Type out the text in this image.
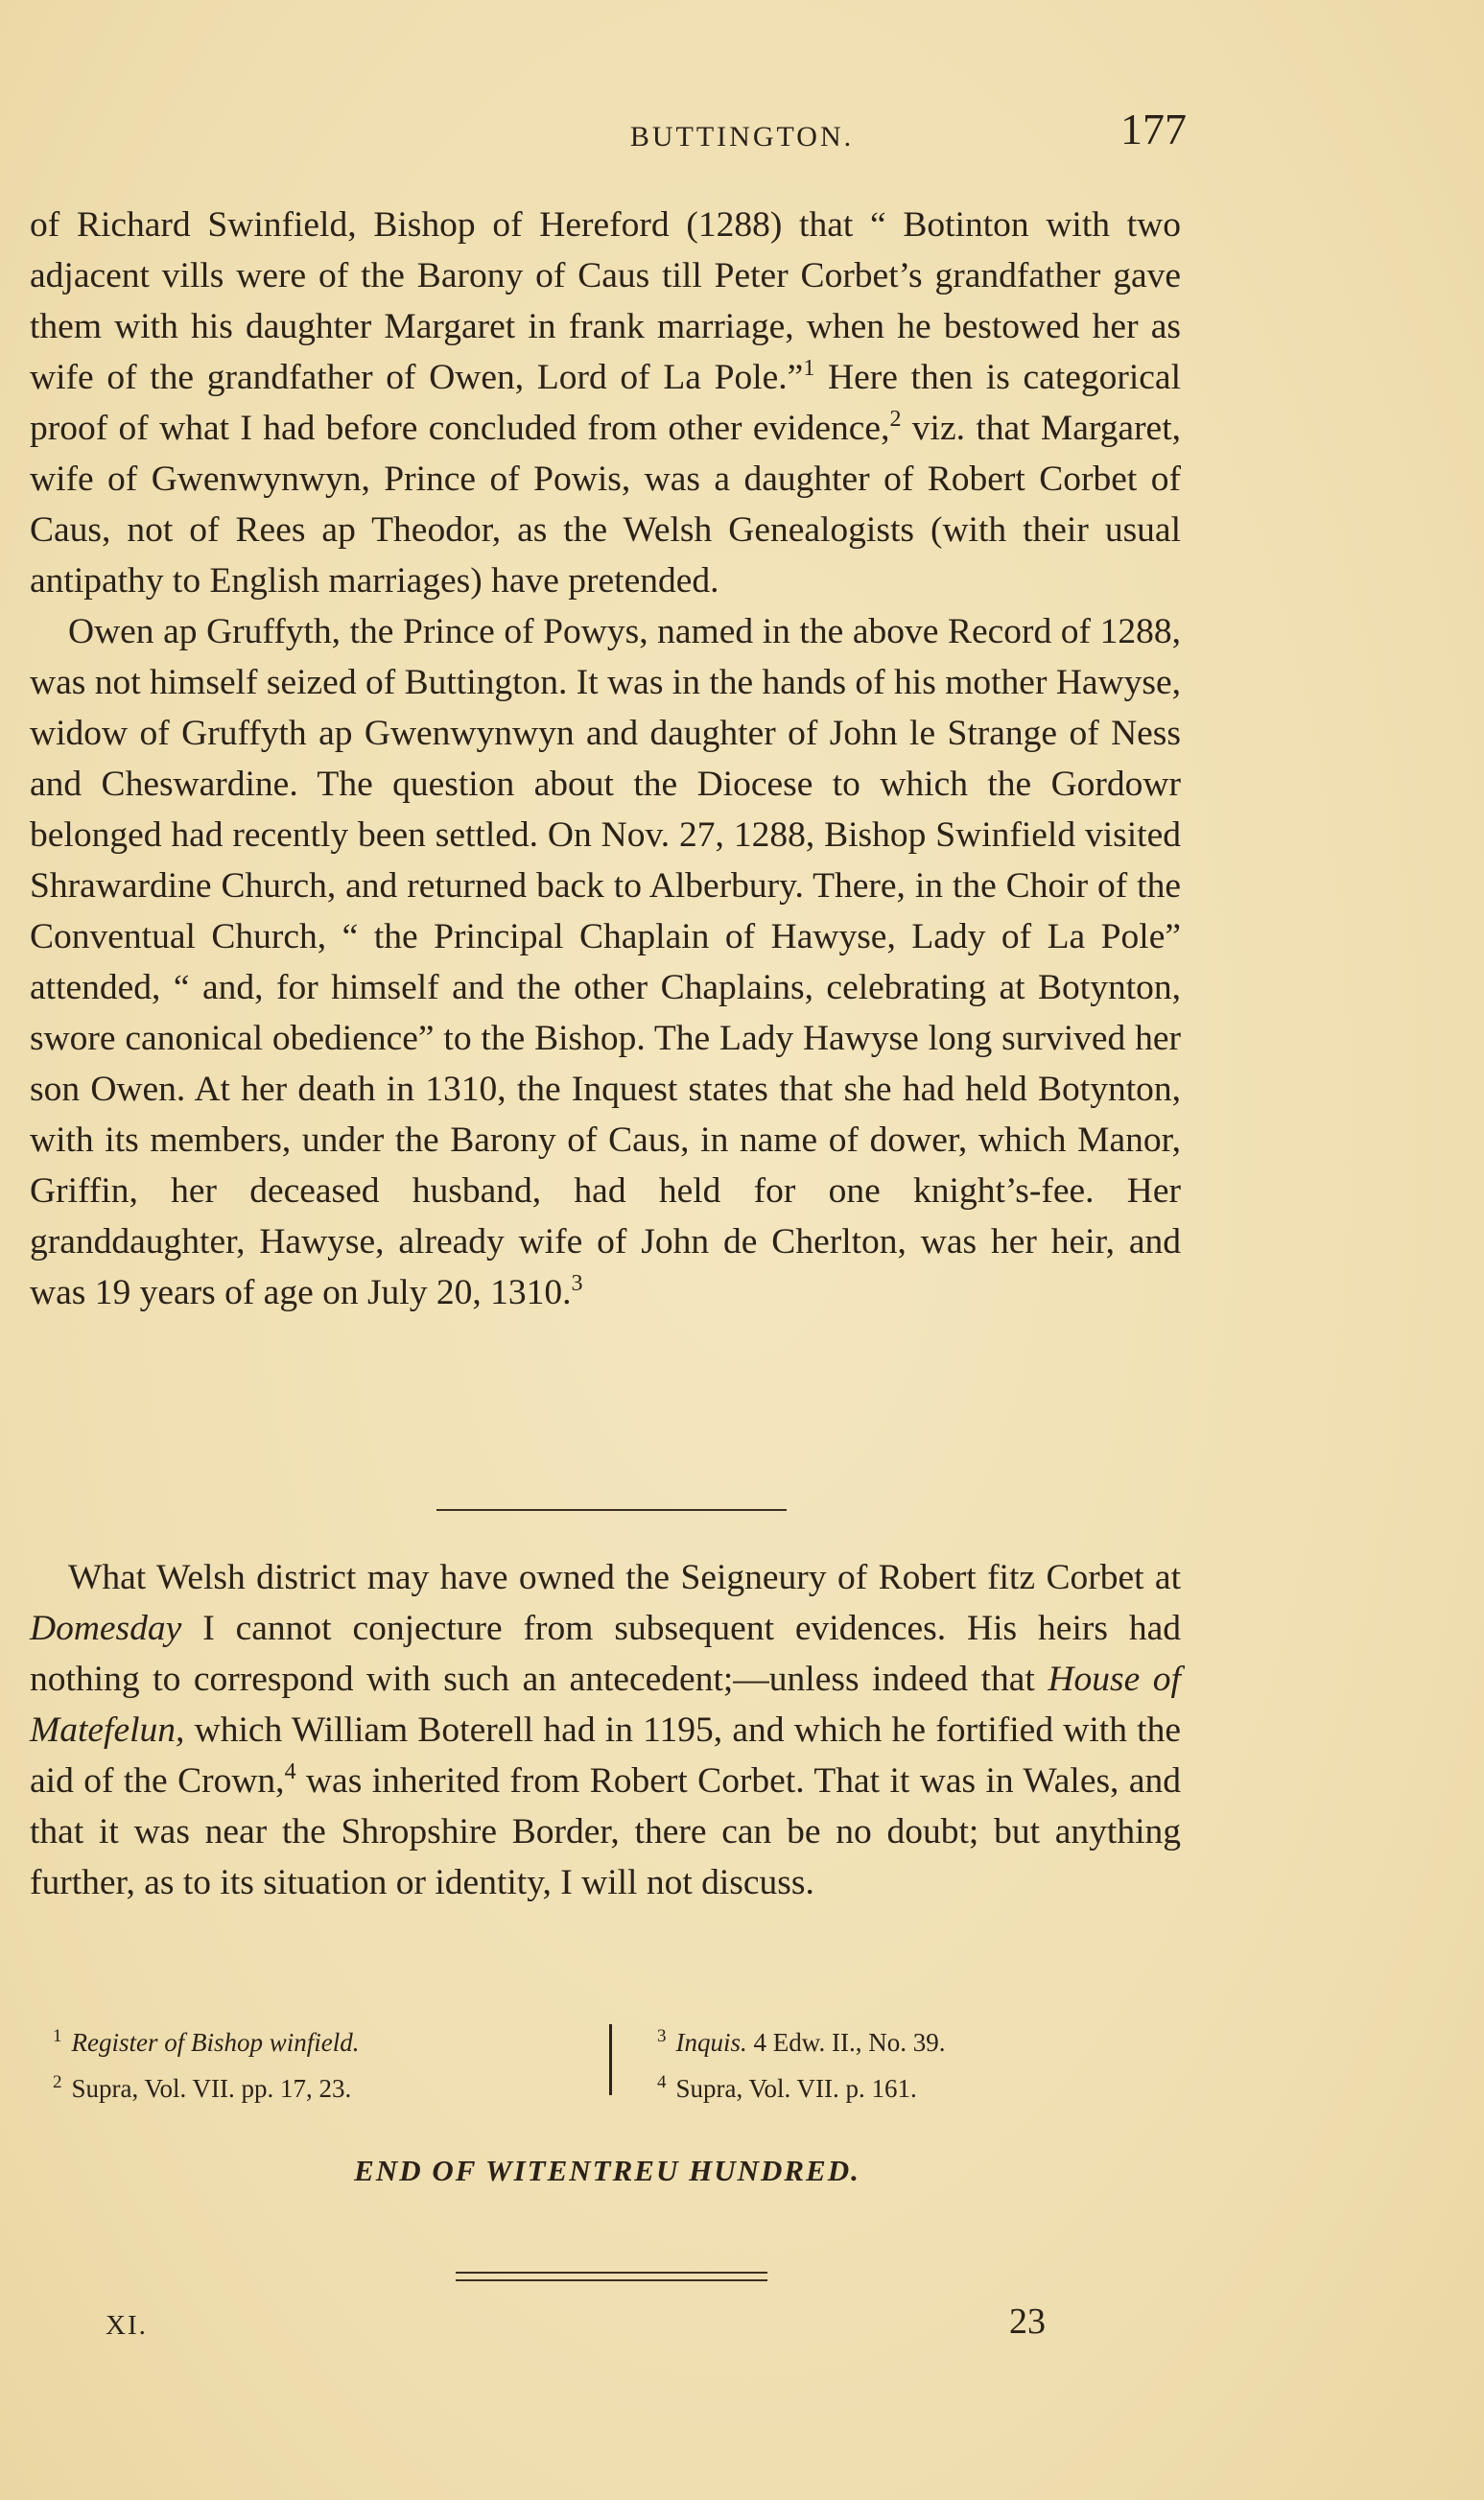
BUTTINGTON.	177

of Richard Swinfield, Bishop of Hereford (1288) that “ Botinton with two adjacent vills were of the Barony of Caus till Peter Corbet’s grandfather gave them with his daughter Margaret in frank marriage, when he bestowed her as wife of the grandfather of Owen, Lord of La Pole.”$^1$ Here then is categorical proof of what I had before concluded from other evidence,$^2$ viz. that Margaret, wife of Gwenwynwyn, Prince of Powis, was a daughter of Robert Corbet of Caus, not of Rees ap Theodor, as the Welsh Genealogists (with their usual antipathy to English marriages) have pretended.

Owen ap Gruffyth, the Prince of Powys, named in the above Record of 1288, was not himself seized of Buttington. It was in the hands of his mother Hawyse, widow of Gruffyth ap Gwenwynwyn and daughter of John le Strange of Ness and Cheswardine. The question about the Diocese to which the Gordowr belonged had recently been settled. On Nov. 27, 1288, Bishop Swinfield visited Shrawardine Church, and returned back to Alberbury. There, in the Choir of the Conventual Church, “ the Principal Chaplain of Hawyse, Lady of La Pole” attended, “ and, for himself and the other Chaplains, celebrating at Botynton, swore canonical obedience” to the Bishop. The Lady Hawyse long survived her son Owen. At her death in 1310, the Inquest states that she had held Botynton, with its members, under the Barony of Caus, in name of dower, which Manor, Griffin, her deceased husband, had held for one knight’s-fee. Her granddaughter, Hawyse, already wife of John de Cherlton, was her heir, and was 19 years of age on July 20, 1310.$^3$

What Welsh district may have owned the Seigneury of Robert fitz Corbet at Domesday I cannot conjecture from subsequent evidences. His heirs had nothing to correspond with such an antecedent;—unless indeed that House of Matefelun, which William Boterell had in 1195, and which he fortified with the aid of the Crown,$^4$ was inherited from Robert Corbet. That it was in Wales, and that it was near the Shropshire Border, there can be no doubt; but anything further, as to its situation or identity, I will not discuss.

$^1$ Register of Bishop winfield.
$^2$ Supra, Vol. VII. pp. 17, 23.
$^3$ Inquis. 4 Edw. II., No. 39.
$^4$ Supra, Vol. VII. p. 161.
END OF WITENTREU HUNDRED.
XI.	23
